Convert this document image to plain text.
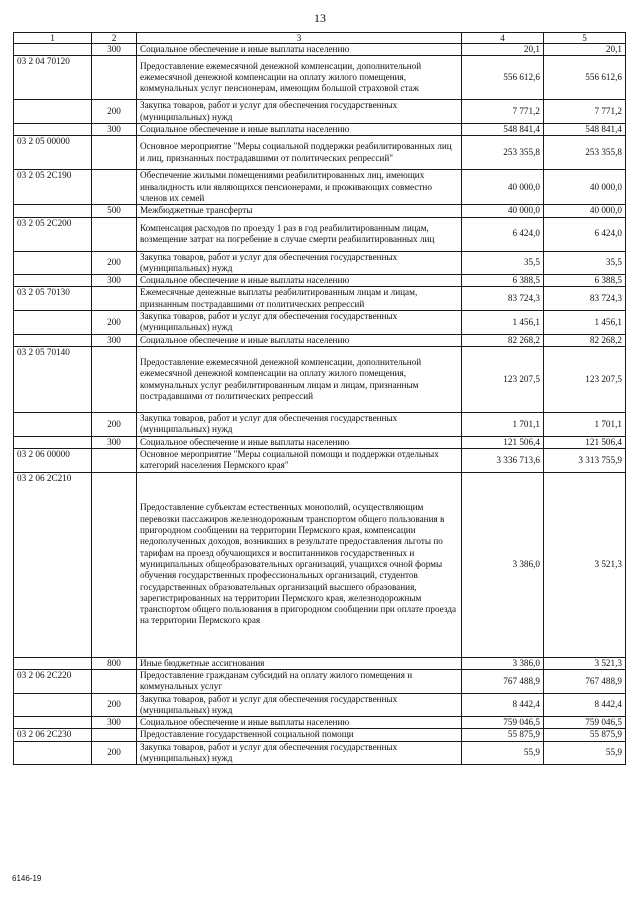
13
1	2	3	4	5
	300	Социальное обеспечение и иные выплаты населению	20,1	20,1
03 2 04 70120		Предоставление ежемесячной денежной компенсации, дополнительной ежемесячной денежной компенсации на оплату жилого помещения, коммунальных услуг пенсионерам, имеющим большой страховой стаж	556 612,6	556 612,6
	200	Закупка товаров, работ и услуг для обеспечения государственных (муниципальных) нужд	7 771,2	7 771,2
	300	Социальное обеспечение и иные выплаты населению	548 841,4	548 841,4
03 2 05 00000		Основное мероприятие "Меры социальной поддержки реабилитированных лиц и лиц, признанных пострадавшими от политических репрессий"	253 355,8	253 355,8
03 2 05 2С190		Обеспечение жилыми помещениями реабилитированных лиц, имеющих инвалидность или являющихся пенсионерами, и проживающих совместно членов их семей	40 000,0	40 000,0
	500	Межбюджетные трансферты	40 000,0	40 000,0
03 2 05 2С200		Компенсация расходов по проезду 1 раз в год реабилитированным лицам, возмещение затрат на погребение в случае смерти реабилитированных лиц	6 424,0	6 424,0
	200	Закупка товаров, работ и услуг для обеспечения государственных (муниципальных) нужд	35,5	35,5
	300	Социальное обеспечение и иные выплаты населению	6 388,5	6 388,5
03 2 05 70130		Ежемесячные денежные выплаты реабилитированным лицам и лицам, признанным пострадавшими от политических репрессий	83 724,3	83 724,3
	200	Закупка товаров, работ и услуг для обеспечения государственных (муниципальных) нужд	1 456,1	1 456,1
	300	Социальное обеспечение и иные выплаты населению	82 268,2	82 268,2
03 2 05 70140		Предоставление ежемесячной денежной компенсации, дополнительной ежемесячной денежной компенсации на оплату жилого помещения, коммунальных услуг реабилитированным лицам и лицам, признанным пострадавшими от политических репрессий	123 207,5	123 207,5
	200	Закупка товаров, работ и услуг для обеспечения государственных (муниципальных) нужд	1 701,1	1 701,1
	300	Социальное обеспечение и иные выплаты населению	121 506,4	121 506,4
03 2 06 00000		Основное мероприятие "Меры социальной помощи и поддержки отдельных категорий населения Пермского края"	3 336 713,6	3 313 755,9
03 2 06 2С210		Предоставление субъектам естественных монополий, осуществляющим перевозки пассажиров железнодорожным транспортом общего пользования в пригородном сообщении на территории Пермского края, компенсации недополученных доходов, возникших в результате предоставления льготы по тарифам на проезд обучающихся и воспитанников государственных и муниципальных общеобразовательных организаций, учащихся очной формы обучения государственных профессиональных организаций, студентов государственных образовательных организаций высшего образования, зарегистрированных на территории Пермского края, железнодорожным транспортом общего пользования в пригородном сообщении при оплате проезда на территории Пермского края	3 386,0	3 521,3
	800	Иные бюджетные ассигнования	3 386,0	3 521,3
03 2 06 2С220		Предоставление гражданам субсидий на оплату жилого помещения и коммунальных услуг	767 488,9	767 488,9
	200	Закупка товаров, работ и услуг для обеспечения государственных (муниципальных) нужд	8 442,4	8 442,4
	300	Социальное обеспечение и иные выплаты населению	759 046,5	759 046,5
03 2 06 2С230		Предоставление государственной социальной помощи	55 875,9	55 875,9
	200	Закупка товаров, работ и услуг для обеспечения государственных (муниципальных) нужд	55,9	55,9
6146-19
